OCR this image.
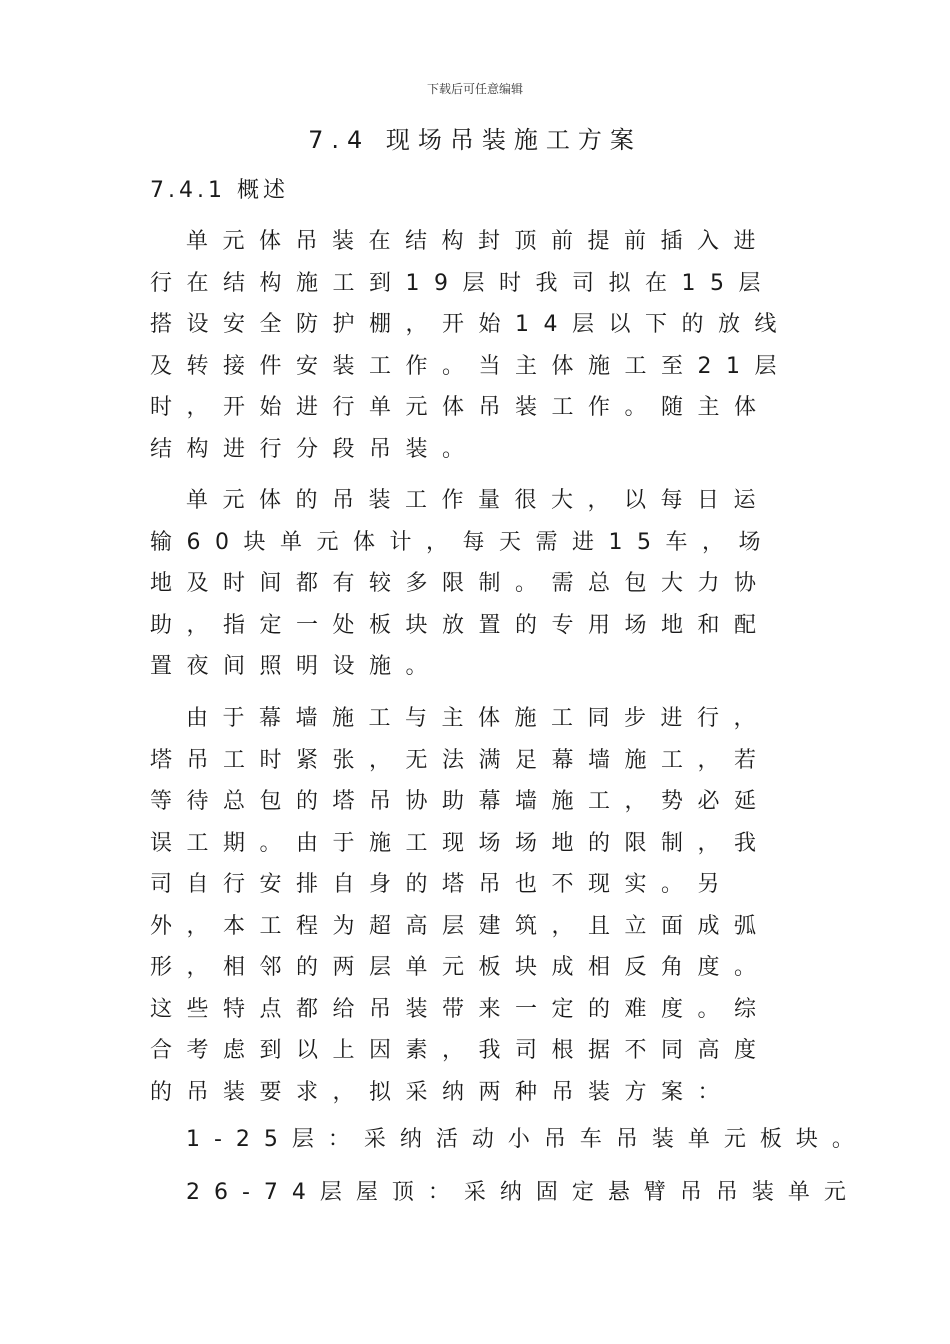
下载后可任意编辑
7.4 现场吊装施工方案
7.4.1 概述

单元体吊装在结构封顶前提前插入进行在结构施工到19层时我司拟在15层搭设安全防护棚，开始14层以下的放线及转接件安装工作。当主体施工至21层时，开始进行单元体吊装工作。随主体结构进行分段吊装。

单元体的吊装工作量很大，以每日运输60块单元体计，每天需进15车，场地及时间都有较多限制。需总包大力协助，指定一处板块放置的专用场地和配置夜间照明设施。

由于幕墙施工与主体施工同步进行，塔吊工时紧张，无法满足幕墙施工，若等待总包的塔吊协助幕墙施工，势必延误工期。由于施工现场场地的限制，我司自行安排自身的塔吊也不现实。另外，本工程为超高层建筑，且立面成弧形，相邻的两层单元板块成相反角度。这些特点都给吊装带来一定的难度。综合考虑到以上因素，我司根据不同高度的吊装要求，拟采纳两种吊装方案：

1-25层：采纳活动小吊车吊装单元板块。
26-74层屋顶：采纳固定悬臂吊吊装单元
